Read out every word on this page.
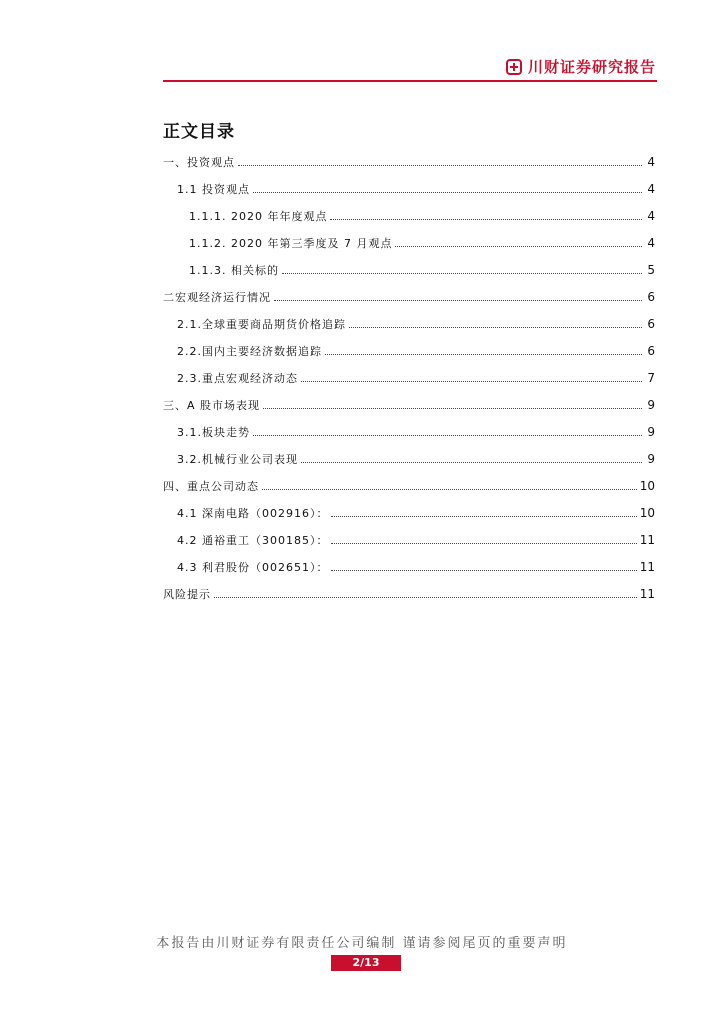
川财证券研究报告
正文目录
一、投资观点	4
1.1 投资观点	4
1.1.1. 2020 年年度观点	4
1.1.2. 2020 年第三季度及 7 月观点	4
1.1.3. 相关标的	5
二宏观经济运行情况	6
2.1.全球重要商品期货价格追踪	6
2.2.国内主要经济数据追踪	6
2.3.重点宏观经济动态	7
三、A 股市场表现	9
3.1.板块走势	9
3.2.机械行业公司表现	9
四、重点公司动态	10
4.1 深南电路（002916）：	10
4.2 通裕重工（300185）：	11
4.3 利君股份（002651）：	11
风险提示	11
本报告由川财证券有限责任公司编制 谨请参阅尾页的重要声明
2/13
